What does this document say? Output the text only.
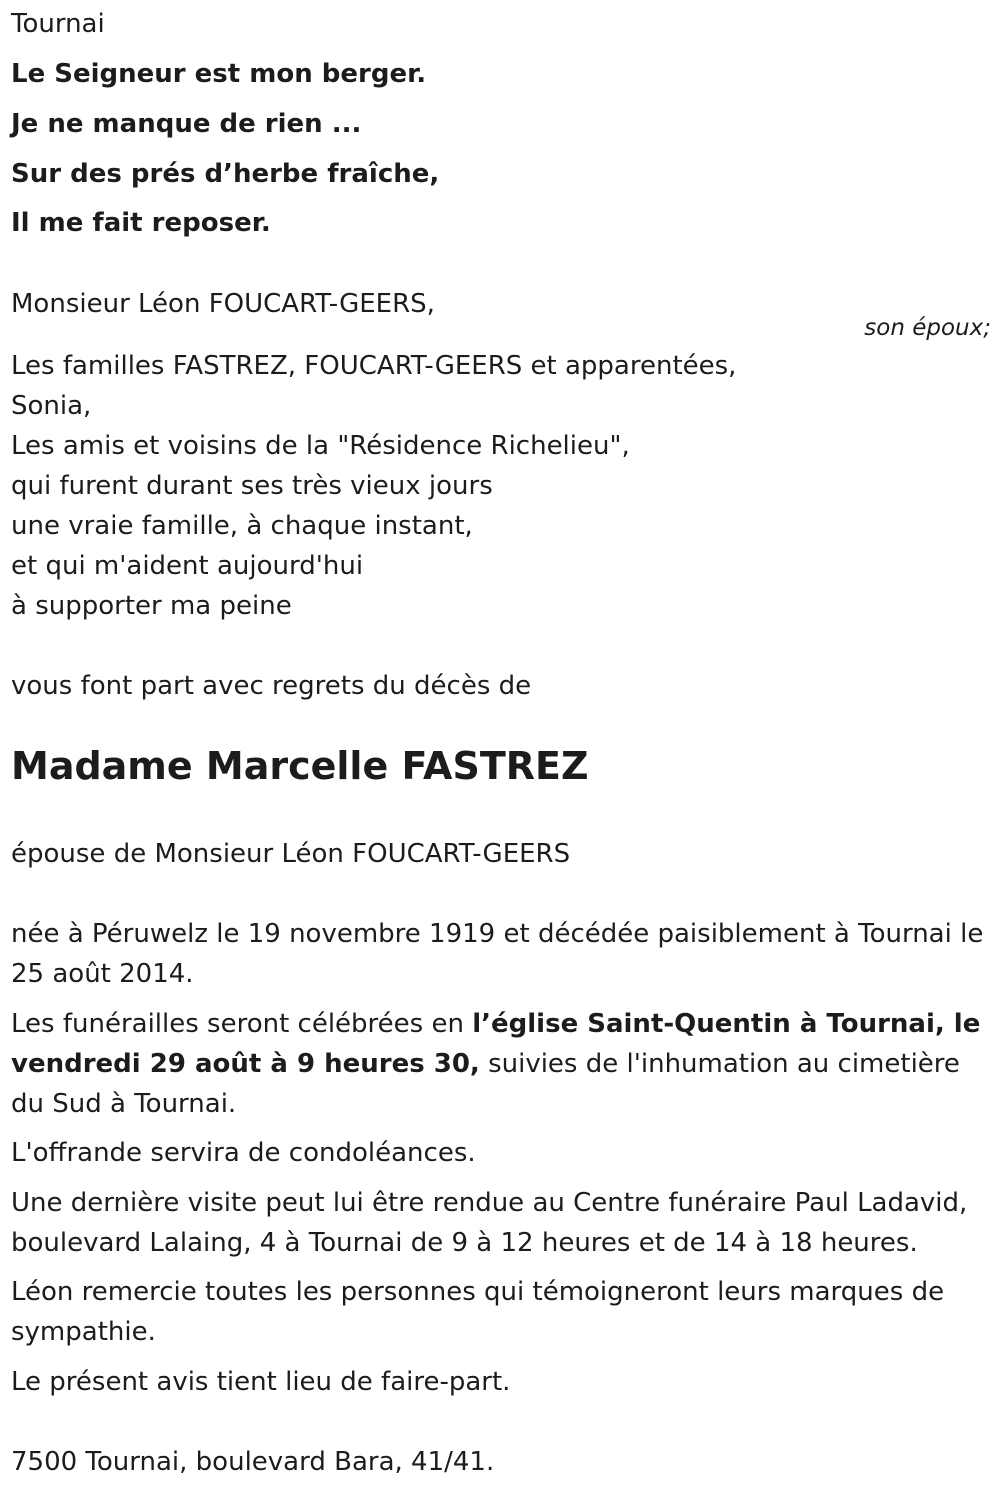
Tournai
Le Seigneur est mon berger.
Je ne manque de rien ...
Sur des prés d’herbe fraîche,
Il me fait reposer.
Monsieur Léon FOUCART-GEERS,
son époux;
Les familles FASTREZ, FOUCART-GEERS et apparentées,
Sonia,
Les amis et voisins de la "Résidence Richelieu",
qui furent durant ses très vieux jours
une vraie famille, à chaque instant,
et qui m'aident aujourd'hui
à supporter ma peine
vous font part avec regrets du décès de
Madame Marcelle FASTREZ
épouse de Monsieur Léon FOUCART-GEERS
née à Péruwelz le 19 novembre 1919 et décédée paisiblement à Tournai le 25 août 2014.
Les funérailles seront célébrées en l’église Saint-Quentin à Tournai, le vendredi 29 août à 9 heures 30, suivies de l'inhumation au cimetière du Sud à Tournai.
L'offrande servira de condoléances.
Une dernière visite peut lui être rendue au Centre funéraire Paul Ladavid, boulevard Lalaing, 4 à Tournai de 9 à 12 heures et de 14 à 18 heures.
Léon remercie toutes les personnes qui témoigneront leurs marques de sympathie.
Le présent avis tient lieu de faire-part.
7500 Tournai, boulevard Bara, 41/41.
